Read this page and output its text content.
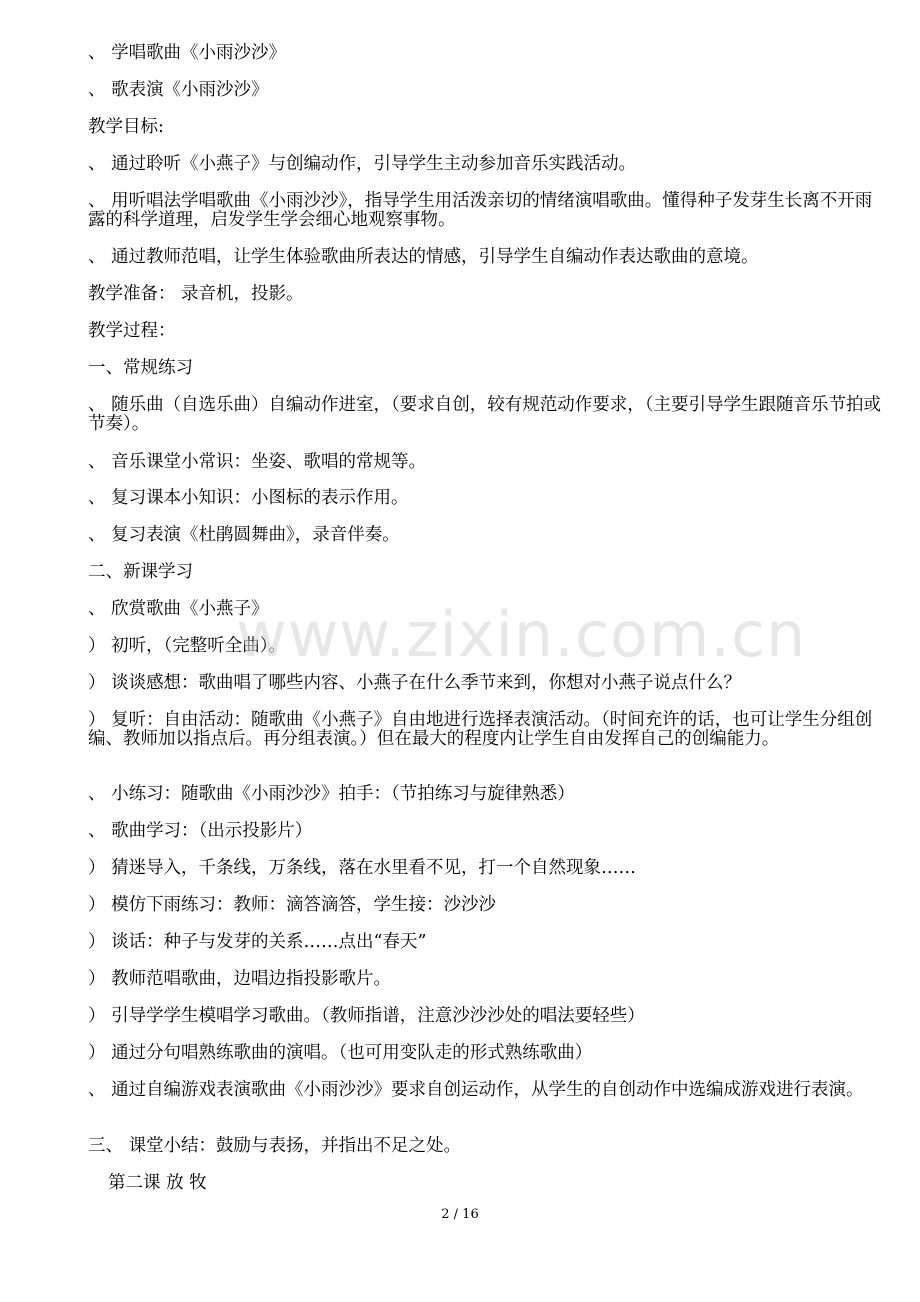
、 学唱歌曲《小雨沙沙》
、 歌表演《小雨沙沙》
教学目标:
、 通过聆听《小燕子》与创编动作，引导学生主动参加音乐实践活动。
、 用听唱法学唱歌曲《小雨沙沙》，指导学生用活泼亲切的情绪演唱歌曲。懂得种子发芽生长离不开雨露的科学道理，启发学生学会细心地观察事物。
、 通过教师范唱，让学生体验歌曲所表达的情感，引导学生自编动作表达歌曲的意境。
教学准备： 录音机，投影。
教学过程：
一、常规练习
、 随乐曲（自选乐曲）自编动作进室，（要求自创，较有规范动作要求，（主要引导学生跟随音乐节拍或节奏）。
、 音乐课堂小常识：坐姿、歌唱的常规等。
、 复习课本小知识：小图标的表示作用。
、 复习表演《杜鹃圆舞曲》，录音伴奏。
二、新课学习
、 欣赏歌曲《小燕子》
） 初听，（完整听全曲）。
） 谈谈感想：歌曲唱了哪些内容、小燕子在什么季节来到，你想对小燕子说点什么？
） 复听：自由活动：随歌曲《小燕子》自由地进行选择表演活动。（时间充许的话，也可让学生分组创编、教师加以指点后。再分组表演。）但在最大的程度内让学生自由发挥自己的创编能力。
、 小练习：随歌曲《小雨沙沙》拍手：（节拍练习与旋律熟悉）
、 歌曲学习：（出示投影片）
） 猜迷导入，千条线，万条线，落在水里看不见，打一个自然现象……
） 模仿下雨练习：教师：滴答滴答，学生接：沙沙沙
） 谈话：种子与发芽的关系……点出“春天”
） 教师范唱歌曲，边唱边指投影歌片。
） 引导学学生模唱学习歌曲。（教师指谱，注意沙沙沙处的唱法要轻些）
） 通过分句唱熟练歌曲的演唱。（也可用变队走的形式熟练歌曲）
、 通过自编游戏表演歌曲《小雨沙沙》要求自创运动作，从学生的自创动作中选编成游戏进行表演。
三、 课堂小结：鼓励与表扬，并指出不足之处。
第二课 放 牧
www.zixin.com.cn
2 / 16
